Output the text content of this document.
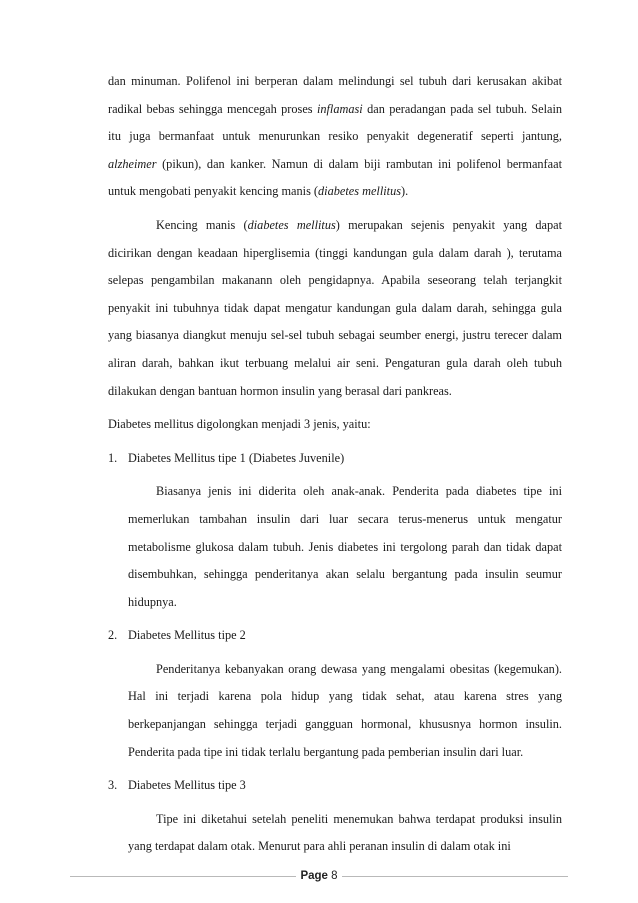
dan minuman. Polifenol ini berperan dalam melindungi sel tubuh dari kerusakan akibat radikal bebas sehingga mencegah proses inflamasi dan peradangan pada sel tubuh. Selain itu juga bermanfaat untuk menurunkan resiko penyakit degeneratif seperti jantung, alzheimer (pikun), dan kanker. Namun di dalam biji rambutan ini polifenol bermanfaat untuk mengobati penyakit kencing manis (diabetes mellitus).

Kencing manis (diabetes mellitus) merupakan sejenis penyakit yang dapat dicirikan dengan keadaan hiperglisemia (tinggi kandungan gula dalam darah ), terutama selepas pengambilan makanann oleh pengidapnya. Apabila seseorang telah terjangkit penyakit ini tubuhnya tidak dapat mengatur kandungan gula dalam darah, sehingga gula yang biasanya diangkut menuju sel-sel tubuh sebagai seumber energi, justru terecer dalam aliran darah, bahkan ikut terbuang melalui air seni. Pengaturan gula darah oleh tubuh dilakukan dengan bantuan hormon insulin yang berasal dari pankreas.

Diabetes mellitus digolongkan menjadi 3 jenis, yaitu:

1. Diabetes Mellitus tipe 1 (Diabetes Juvenile)

Biasanya jenis ini diderita oleh anak-anak. Penderita pada diabetes tipe ini memerlukan tambahan insulin dari luar secara terus-menerus untuk mengatur metabolisme glukosa dalam tubuh. Jenis diabetes ini tergolong parah dan tidak dapat disembuhkan, sehingga penderitanya akan selalu bergantung pada insulin seumur hidupnya.

2. Diabetes Mellitus tipe 2

Penderitanya kebanyakan orang dewasa yang mengalami obesitas (kegemukan). Hal ini terjadi karena pola hidup yang tidak sehat, atau karena stres yang berkepanjangan sehingga terjadi gangguan hormonal, khususnya hormon insulin. Penderita pada tipe ini tidak terlalu bergantung pada pemberian insulin dari luar.

3. Diabetes Mellitus tipe 3

Tipe ini diketahui setelah peneliti menemukan bahwa terdapat produksi insulin yang terdapat dalam otak. Menurut para ahli peranan insulin di dalam otak ini

Page 8
